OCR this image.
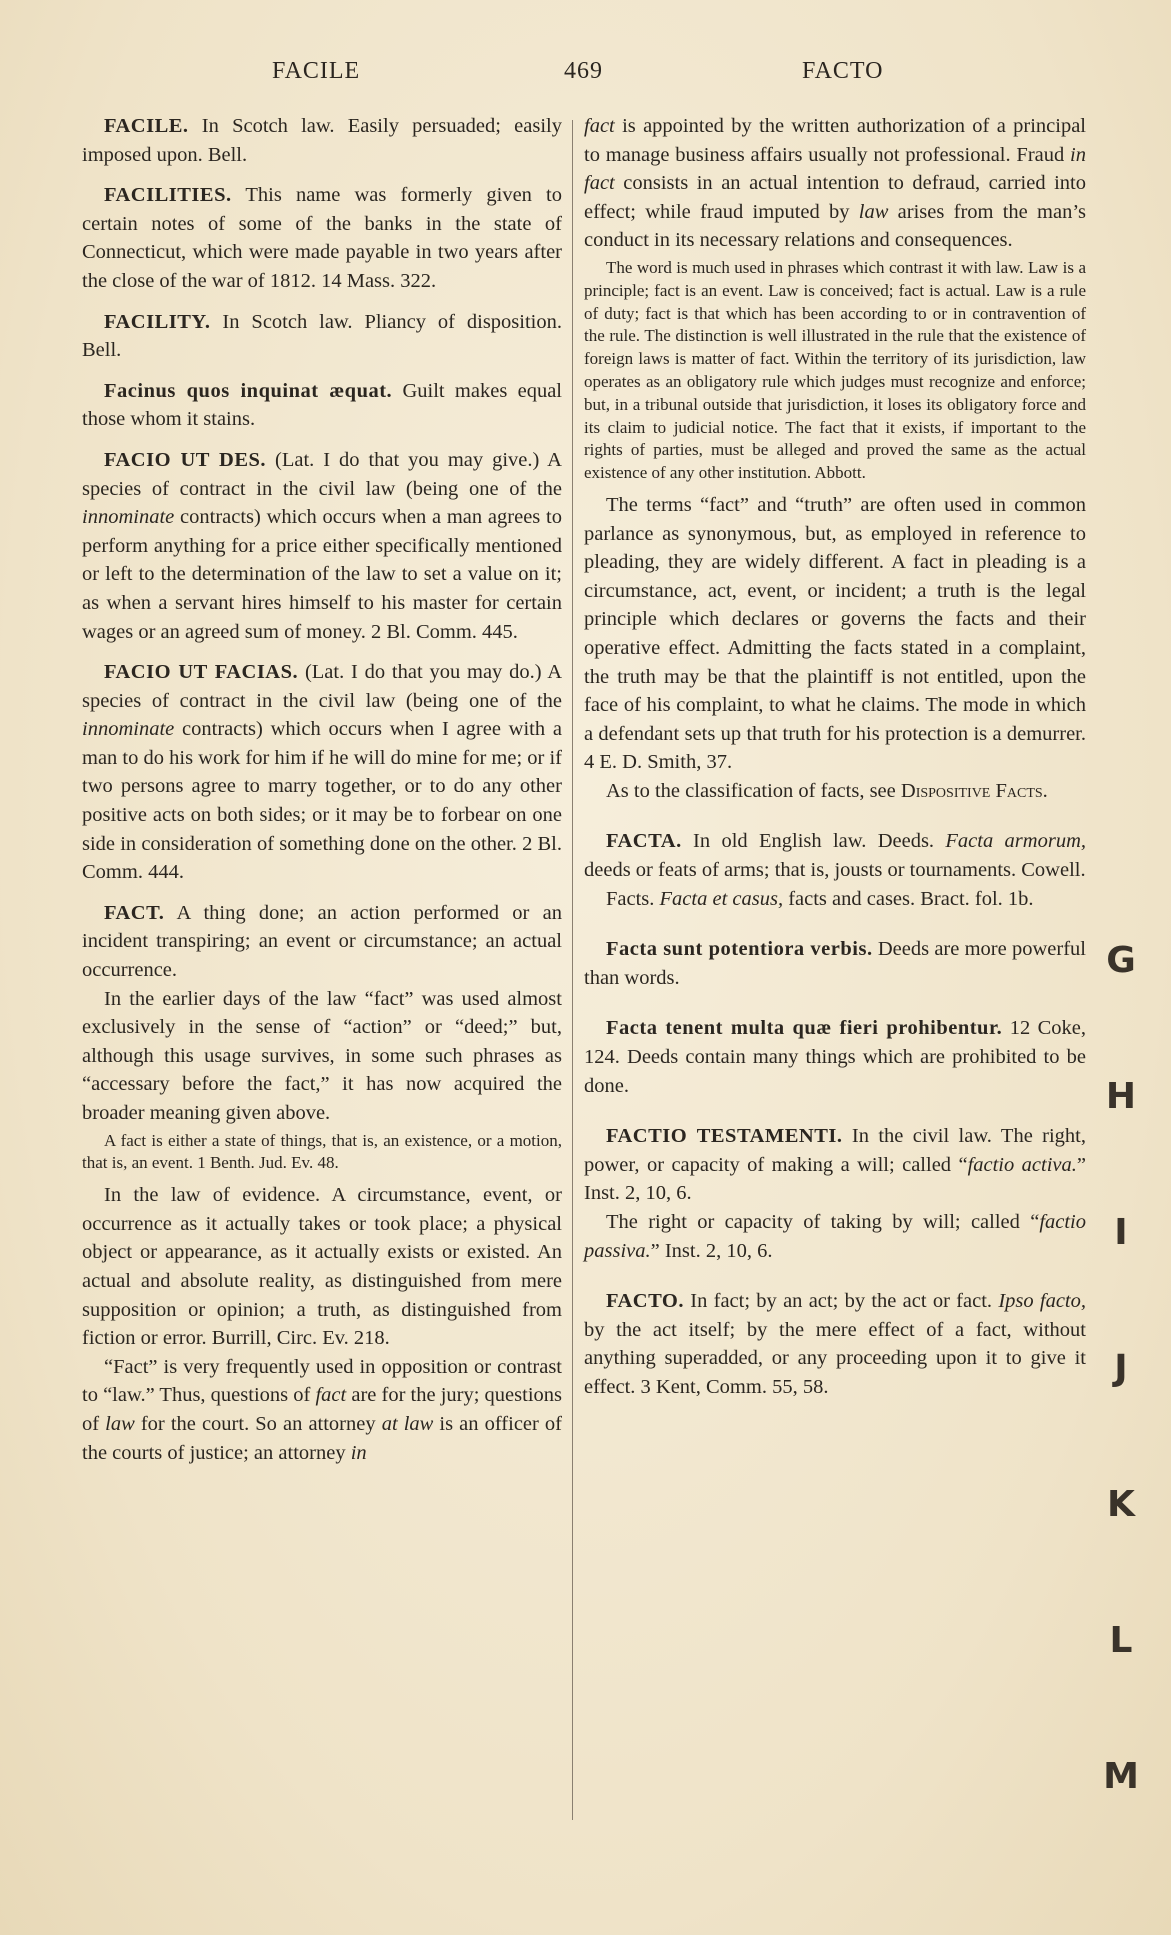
FACILE	469	FACTO

FACILE. In Scotch law. Easily persuaded; easily imposed upon. Bell.

FACILITIES. This name was formerly given to certain notes of some of the banks in the state of Connecticut, which were made payable in two years after the close of the war of 1812. 14 Mass. 322.

FACILITY. In Scotch law. Pliancy of disposition. Bell.

Facinus quos inquinat æquat. Guilt makes equal those whom it stains.

FACIO UT DES. (Lat. I do that you may give.) A species of contract in the civil law (being one of the innominate contracts) which occurs when a man agrees to perform anything for a price either specifically mentioned or left to the determination of the law to set a value on it; as when a servant hires himself to his master for certain wages or an agreed sum of money. 2 Bl. Comm. 445.

FACIO UT FACIAS. (Lat. I do that you may do.) A species of contract in the civil law (being one of the innominate contracts) which occurs when I agree with a man to do his work for him if he will do mine for me; or if two persons agree to marry together, or to do any other positive acts on both sides; or it may be to forbear on one side in consideration of something done on the other. 2 Bl. Comm. 444.

FACT. A thing done; an action performed or an incident transpiring; an event or circumstance; an actual occurrence.

In the earlier days of the law “fact” was used almost exclusively in the sense of “action” or “deed;” but, although this usage survives, in some such phrases as “accessary before the fact,” it has now acquired the broader meaning given above.

A fact is either a state of things, that is, an existence, or a motion, that is, an event. 1 Benth. Jud. Ev. 48.

In the law of evidence. A circumstance, event, or occurrence as it actually takes or took place; a physical object or appearance, as it actually exists or existed. An actual and absolute reality, as distinguished from mere supposition or opinion; a truth, as distinguished from fiction or error. Burrill, Circ. Ev. 218.

“Fact” is very frequently used in opposition or contrast to “law.” Thus, questions of fact are for the jury; questions of law for the court. So an attorney at law is an officer of the courts of justice; an attorney in

fact is appointed by the written authorization of a principal to manage business affairs usually not professional. Fraud in fact consists in an actual intention to defraud, carried into effect; while fraud imputed by law arises from the man’s conduct in its necessary relations and consequences.

The word is much used in phrases which contrast it with law. Law is a principle; fact is an event. Law is conceived; fact is actual. Law is a rule of duty; fact is that which has been according to or in contravention of the rule. The distinction is well illustrated in the rule that the existence of foreign laws is matter of fact. Within the territory of its jurisdiction, law operates as an obligatory rule which judges must recognize and enforce; but, in a tribunal outside that jurisdiction, it loses its obligatory force and its claim to judicial notice. The fact that it exists, if important to the rights of parties, must be alleged and proved the same as the actual existence of any other institution. Abbott.

The terms “fact” and “truth” are often used in common parlance as synonymous, but, as employed in reference to pleading, they are widely different. A fact in pleading is a circumstance, act, event, or incident; a truth is the legal principle which declares or governs the facts and their operative effect. Admitting the facts stated in a complaint, the truth may be that the plaintiff is not entitled, upon the face of his complaint, to what he claims. The mode in which a defendant sets up that truth for his protection is a demurrer. 4 E. D. Smith, 37.

As to the classification of facts, see Dispositive Facts.

FACTA. In old English law. Deeds. Facta armorum, deeds or feats of arms; that is, jousts or tournaments. Cowell.

Facts. Facta et casus, facts and cases. Bract. fol. 1b.

Facta sunt potentiora verbis. Deeds are more powerful than words.

Facta tenent multa quæ fieri prohibentur. 12 Coke, 124. Deeds contain many things which are prohibited to be done.

FACTIO TESTAMENTI. In the civil law. The right, power, or capacity of making a will; called “factio activa.” Inst. 2, 10, 6.

The right or capacity of taking by will; called “factio passiva.” Inst. 2, 10, 6.

FACTO. In fact; by an act; by the act or fact. Ipso facto, by the act itself; by the mere effect of a fact, without anything superadded, or any proceeding upon it to give it effect. 3 Kent, Comm. 55, 58.

G
H
I
J
K
L
M
